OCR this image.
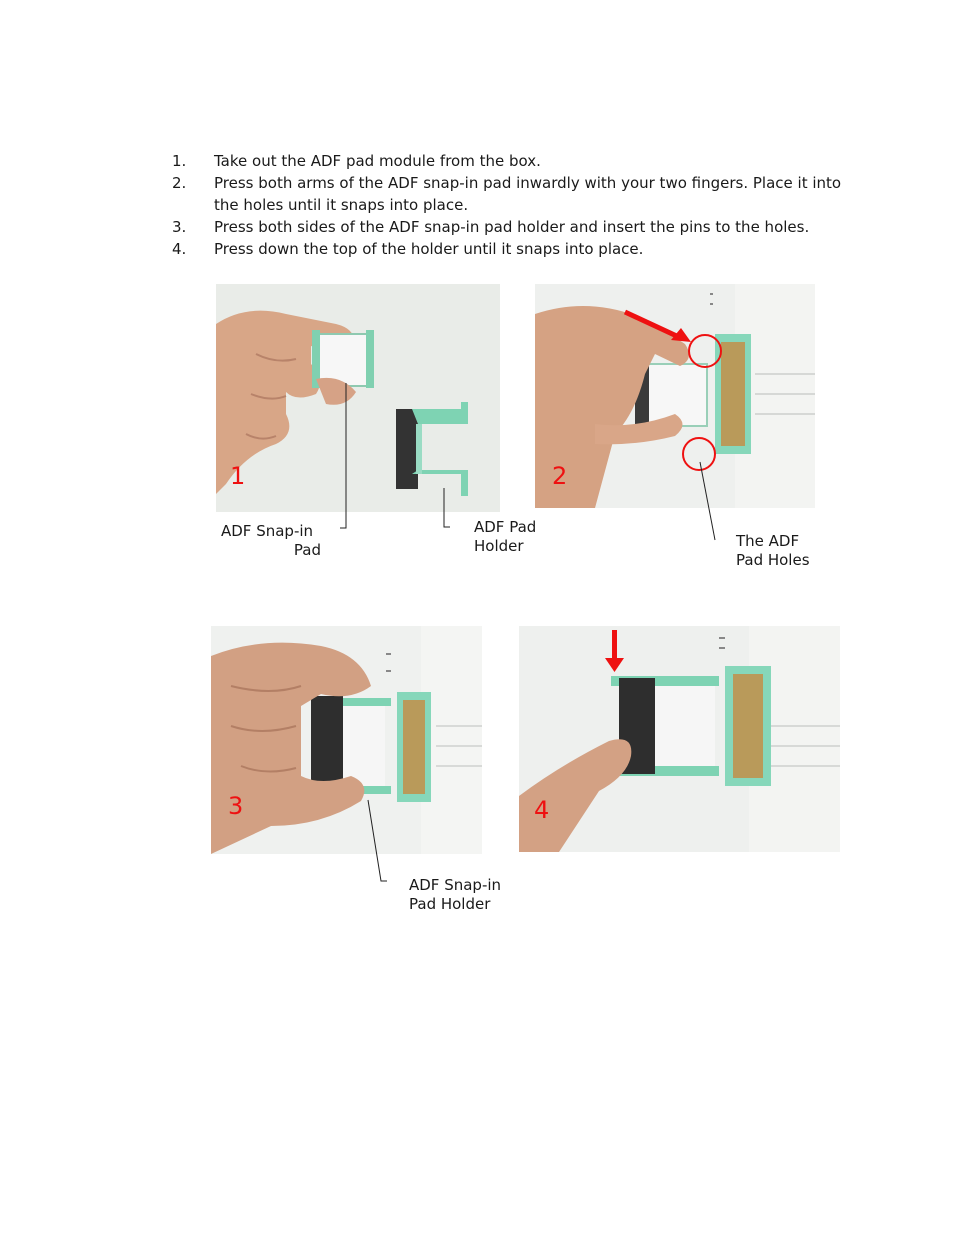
1. Take out the ADF pad module from the box.
2. Press both arms of the ADF snap-in pad inwardly with your two fingers. Place it into the holes until it snaps into place.
3. Press both sides of the ADF snap-in pad holder and insert the pins to the holes.
4. Press down the top of the holder until it snaps into place.
1	2
3	4
ADF Snap-in
Pad
ADF Pad
Holder	The ADF
Pad Holes
ADF Snap-in
Pad Holder
